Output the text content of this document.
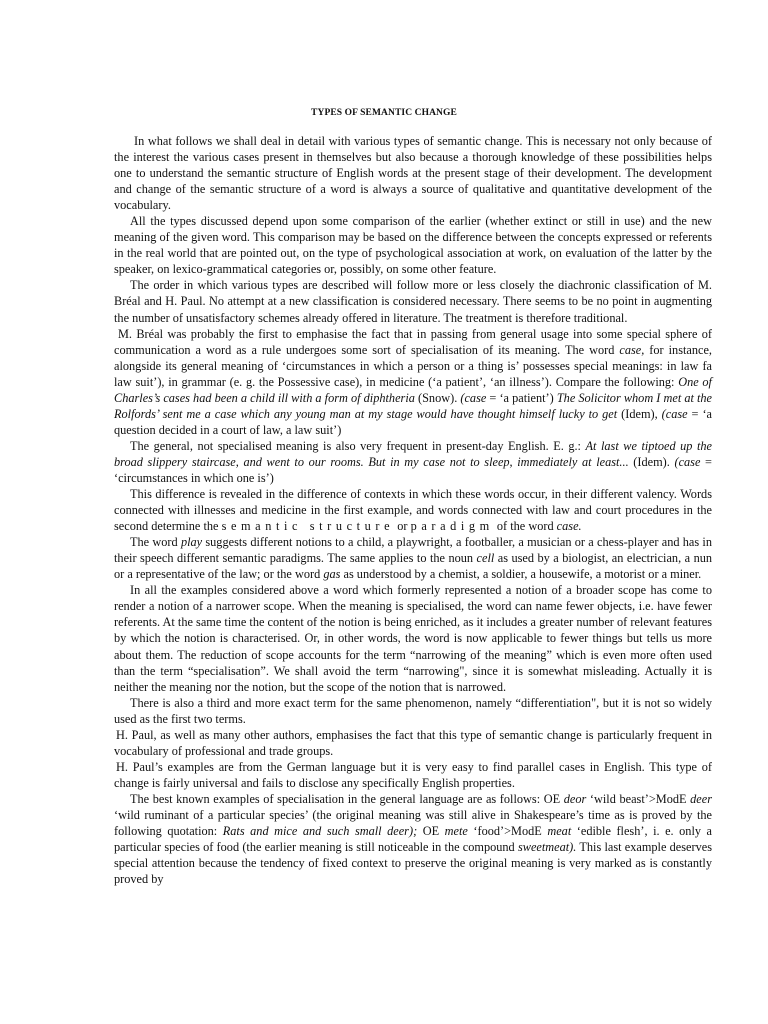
TYPES OF SEMANTIC CHANGE

In what follows we shall deal in detail with various types of semantic change. This is necessary not only because of the interest the various cases present in themselves but also because a thorough knowledge of these possibilities helps one to understand the semantic structure of English words at the present stage of their development. The development and change of the semantic structure of a word is always a source of qualitative and quantitative development of the vocabulary.

All the types discussed depend upon some comparison of the earlier (whether extinct or still in use) and the new meaning of the given word. This comparison may be based on the difference between the concepts expressed or referents in the real world that are pointed out, on the type of psychological association at work, on evaluation of the latter by the speaker, on lexico-grammatical categories or, possibly, on some other feature.

The order in which various types are described will follow more or less closely the diachronic classification of M. Bréal and H. Paul. No attempt at a new classification is considered necessary. There seems to be no point in augmenting the number of unsatisfactory schemes already offered in literature. The treatment is therefore traditional.

M. Bréal was probably the first to emphasise the fact that in passing from general usage into some special sphere of communication a word as a rule undergoes some sort of specialisation of its meaning. The word case, for instance, alongside its general meaning of ‘circumstances in which a person or a thing is’ possesses special meanings: in law fa law suit’), in grammar (e. g. the Possessive case), in medicine (‘a patient’, ‘an illness’). Compare the following: One of Charles’s cases had been a child ill with a form of diphtheria (Snow). (case = ‘a patient’) The Solicitor whom I met at the Rolfords’ sent me a case which any young man at my stage would have thought himself lucky to get (Idem), (case = ‘a question decided in a court of law, a law suit’)

The general, not specialised meaning is also very frequent in present-day English. E. g.: At last we tiptoed up the broad slippery staircase, and went to our rooms. But in my case not to sleep, immediately at least... (Idem). (case = ‘circumstances in which one is’)

This difference is revealed in the difference of contexts in which these words occur, in their different valency. Words connected with illnesses and medicine in the first example, and words connected with law and court procedures in the second determine the semantic structure or paradigm of the word case.

The word play suggests different notions to a child, a playwright, a footballer, a musician or a chess-player and has in their speech different semantic paradigms. The same applies to the noun cell as used by a biologist, an electrician, a nun or a representative of the law; or the word gas as understood by a chemist, a soldier, a housewife, a motorist or a miner.

In all the examples considered above a word which formerly represented a notion of a broader scope has come to render a notion of a narrower scope. When the meaning is specialised, the word can name fewer objects, i.e. have fewer referents. At the same time the content of the notion is being enriched, as it includes a greater number of relevant features by which the notion is characterised. Or, in other words, the word is now applicable to fewer things but tells us more about them. The reduction of scope accounts for the term “narrowing of the meaning” which is even more often used than the term “specialisation”. We shall avoid the term “narrowing", since it is somewhat misleading. Actually it is neither the meaning nor the notion, but the scope of the notion that is narrowed.

There is also a third and more exact term for the same phenomenon, namely “differentiation", but it is not so widely used as the first two terms.

H. Paul, as well as many other authors, emphasises the fact that this type of semantic change is particularly frequent in vocabulary of professional and trade groups.

H. Paul’s examples are from the German language but it is very easy to find parallel cases in English. This type of change is fairly universal and fails to disclose any specifically English properties.

The best known examples of specialisation in the general language are as follows: OE deor ‘wild beast’>ModE deer ‘wild ruminant of a particular species’ (the original meaning was still alive in Shakespeare’s time as is proved by the following quotation: Rats and mice and such small deer); OE mete ‘food’>ModE meat ‘edible flesh’, i. e. only a particular species of food (the earlier meaning is still noticeable in the compound sweetmeat). This last example deserves special attention because the tendency of fixed context to preserve the original meaning is very marked as is constantly proved by
